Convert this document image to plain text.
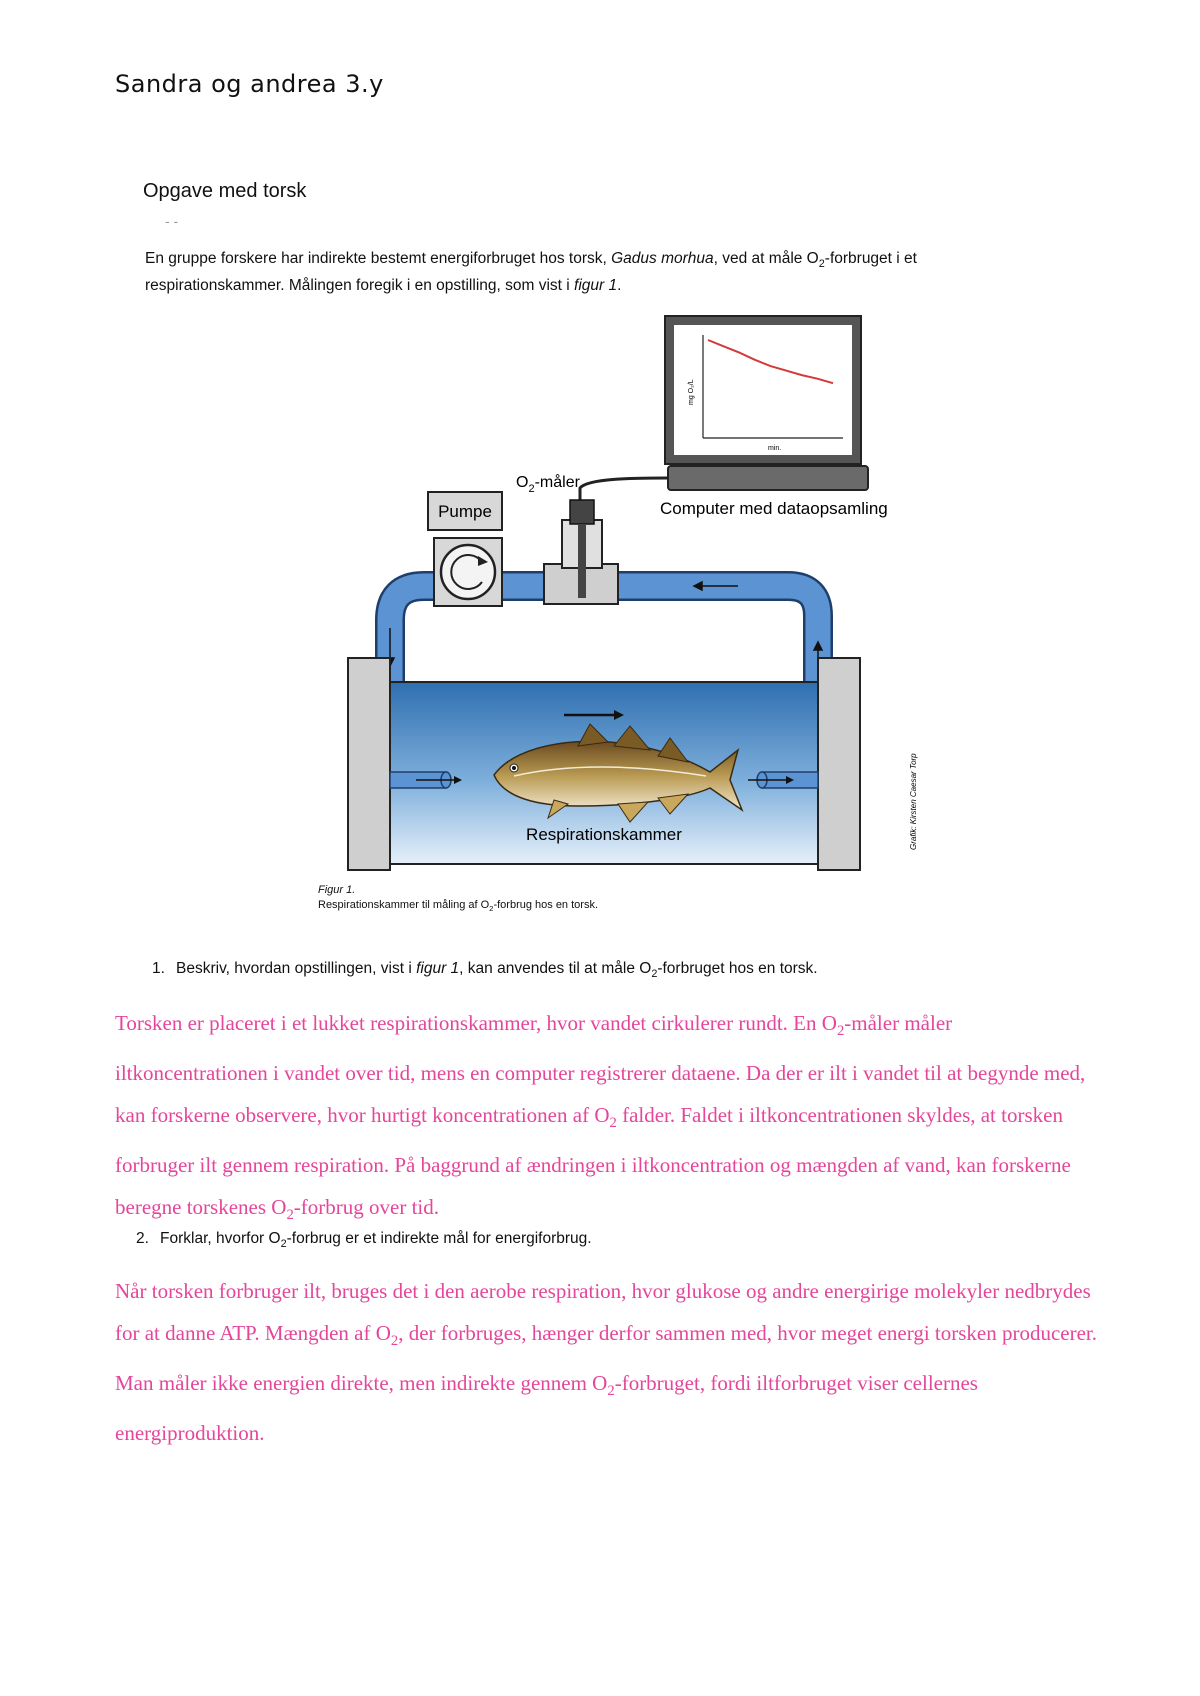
Sandra og andrea 3.y
Opgave med torsk
- -
En gruppe forskere har indirekte bestemt energiforbruget hos torsk, Gadus morhua, ved at måle $O_2$-forbruget i et respirationskammer. Målingen foregik i en opstilling, som vist i figur 1.
mg O₂/L
min.
Computer med dataopsamling
$O_2$-måler
Pumpe
Respirationskammer	Grafik: Kirsten Caesar Torp
Figur 1.
Respirationskammer til måling af $O_2$-forbrug hos en torsk.
1. Beskriv, hvordan opstillingen, vist i figur 1, kan anvendes til at måle $O_2$-forbruget hos en torsk.
Torsken er placeret i et lukket respirationskammer, hvor vandet cirkulerer rundt. En $O_2$-måler måler iltkoncentrationen i vandet over tid, mens en computer registrerer dataene. Da der er ilt i vandet til at begynde med, kan forskerne observere, hvor hurtigt koncentrationen af $O_2$ falder. Faldet i iltkoncentrationen skyldes, at torsken forbruger ilt gennem respiration. På baggrund af ændringen i iltkoncentration og mængden af vand, kan forskerne beregne torskenes $O_2$-forbrug over tid.
2. Forklar, hvorfor $O_2$-forbrug er et indirekte mål for energiforbrug.
Når torsken forbruger ilt, bruges det i den aerobe respiration, hvor glukose og andre energirige molekyler nedbrydes for at danne ATP. Mængden af $O_2$, der forbruges, hænger derfor sammen med, hvor meget energi torsken producerer. Man måler ikke energien direkte, men indirekte gennem $O_2$-forbruget, fordi iltforbruget viser cellernes energiproduktion.
